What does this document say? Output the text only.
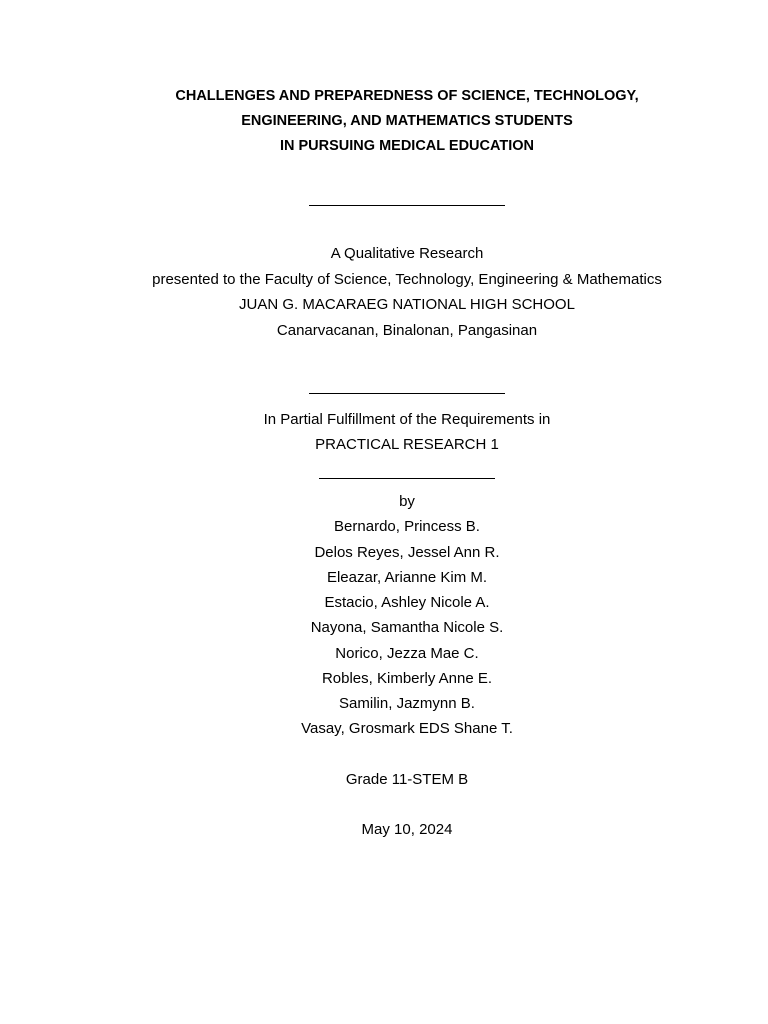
CHALLENGES AND PREPAREDNESS OF SCIENCE, TECHNOLOGY,
ENGINEERING, AND MATHEMATICS STUDENTS
IN PURSUING MEDICAL EDUCATION
A Qualitative Research
presented to the Faculty of Science, Technology, Engineering & Mathematics
JUAN G. MACARAEG NATIONAL HIGH SCHOOL
Canarvacanan, Binalonan, Pangasinan
In Partial Fulfillment of the Requirements in
PRACTICAL RESEARCH 1
by
Bernardo, Princess B.
Delos Reyes, Jessel Ann R.
Eleazar, Arianne Kim M.
Estacio, Ashley Nicole A.
Nayona, Samantha Nicole S.
Norico, Jezza Mae C.
Robles, Kimberly Anne E.
Samilin, Jazmynn B.
Vasay, Grosmark EDS Shane T.
Grade 11-STEM B
May 10, 2024
